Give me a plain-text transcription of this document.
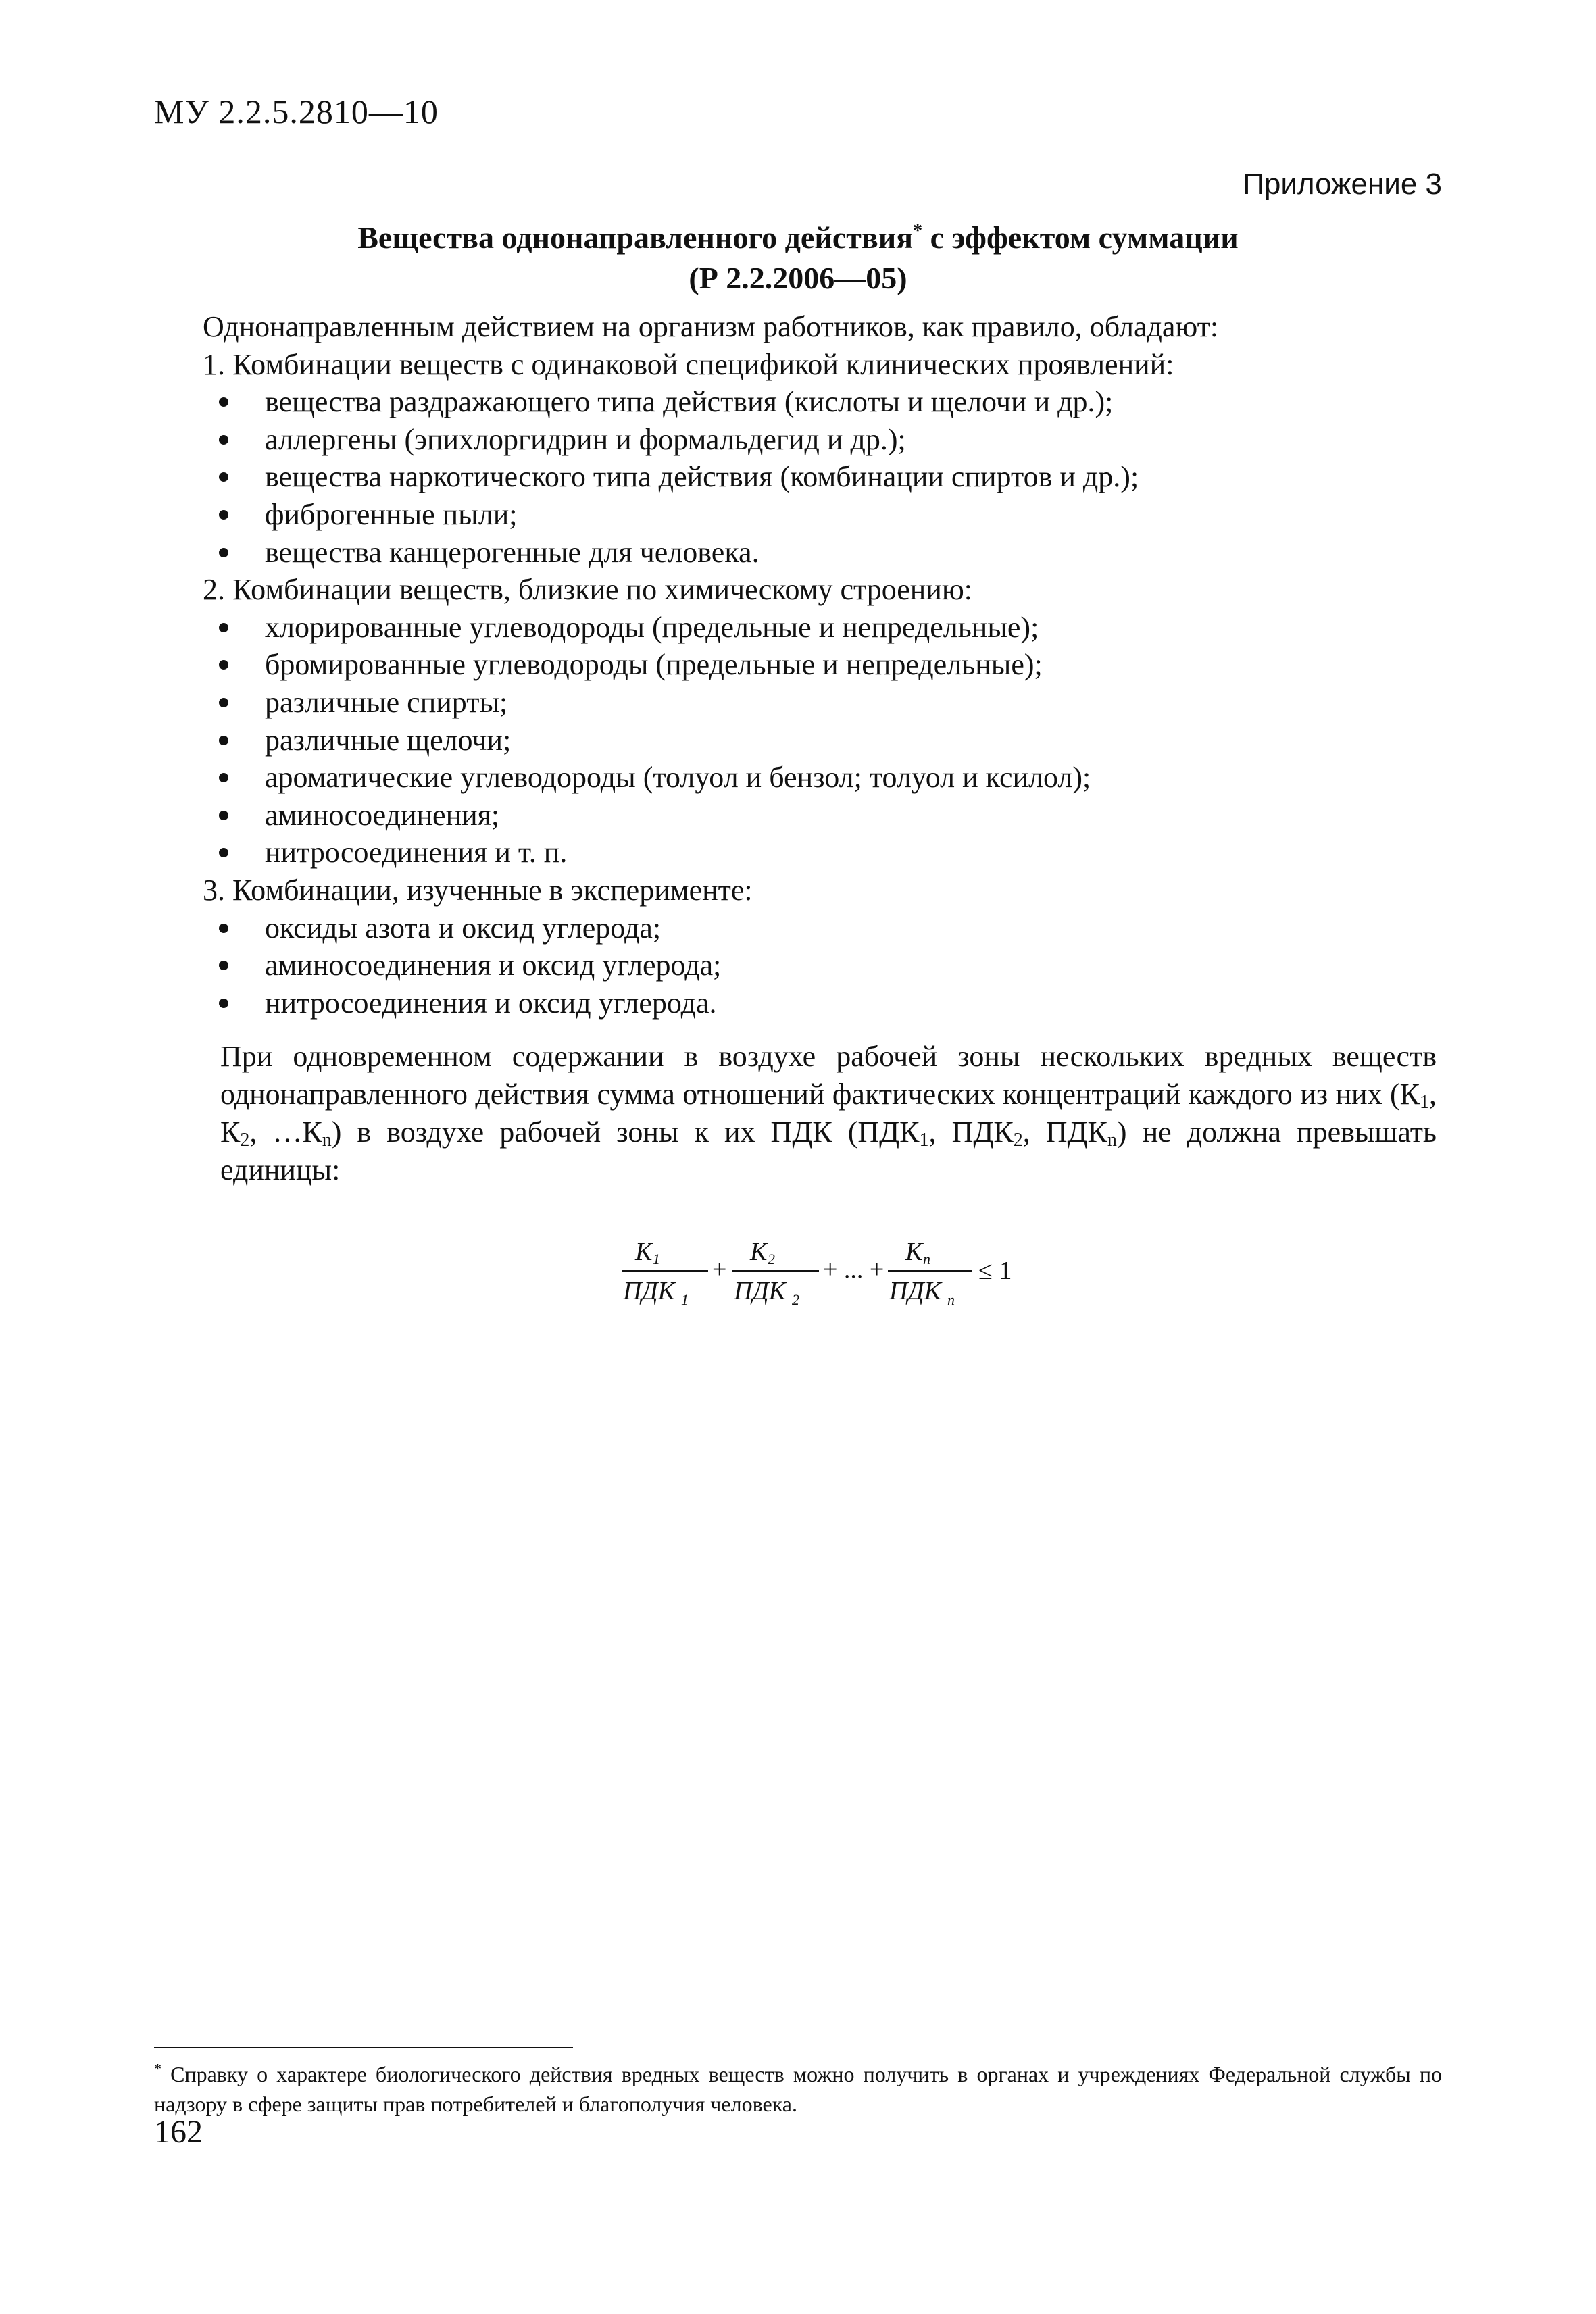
МУ 2.2.5.2810—10
Приложение 3
Вещества однонаправленного действия* с эффектом суммации
(Р 2.2.2006—05)
Однонаправленным действием на организм работников, как правило, обладают:
1. Комбинации веществ с одинаковой спецификой клинических проявлений:
вещества раздражающего типа действия (кислоты и щелочи и др.);
аллергены (эпихлоргидрин и формальдегид и др.);
вещества наркотического типа действия (комбинации спиртов и др.);
фиброгенные пыли;
вещества канцерогенные для человека.
2. Комбинации веществ, близкие по химическому строению:
хлорированные углеводороды (предельные и непредельные);
бромированные углеводороды (предельные и непредельные);
различные спирты;
различные щелочи;
ароматические углеводороды (толуол и бензол; толуол и ксилол);
аминосоединения;
нитросоединения и т. п.
3. Комбинации, изученные в эксперименте:
оксиды азота и оксид углерода;
аминосоединения и оксид углерода;
нитросоединения и оксид углерода.
При одновременном содержании в воздухе рабочей зоны нескольких вредных веществ однонаправленного действия сумма отношений фактических концентраций каждого из них ($К_1$, $К_2$, $\dots К_n$) в воздухе рабочей зоны к их ПДК ($ПДК_1$, $ПДК_2$, $ПДК_n$) не должна превышать единицы:
K 1
ПДК 1
+
K 2
ПДК 2
+ ... +
K n
ПДК n
≤ 1
* Справку о характере биологического действия вредных веществ можно получить в органах и учреждениях Федеральной службы по надзору в сфере защиты прав потребителей и благополучия человека.
162
